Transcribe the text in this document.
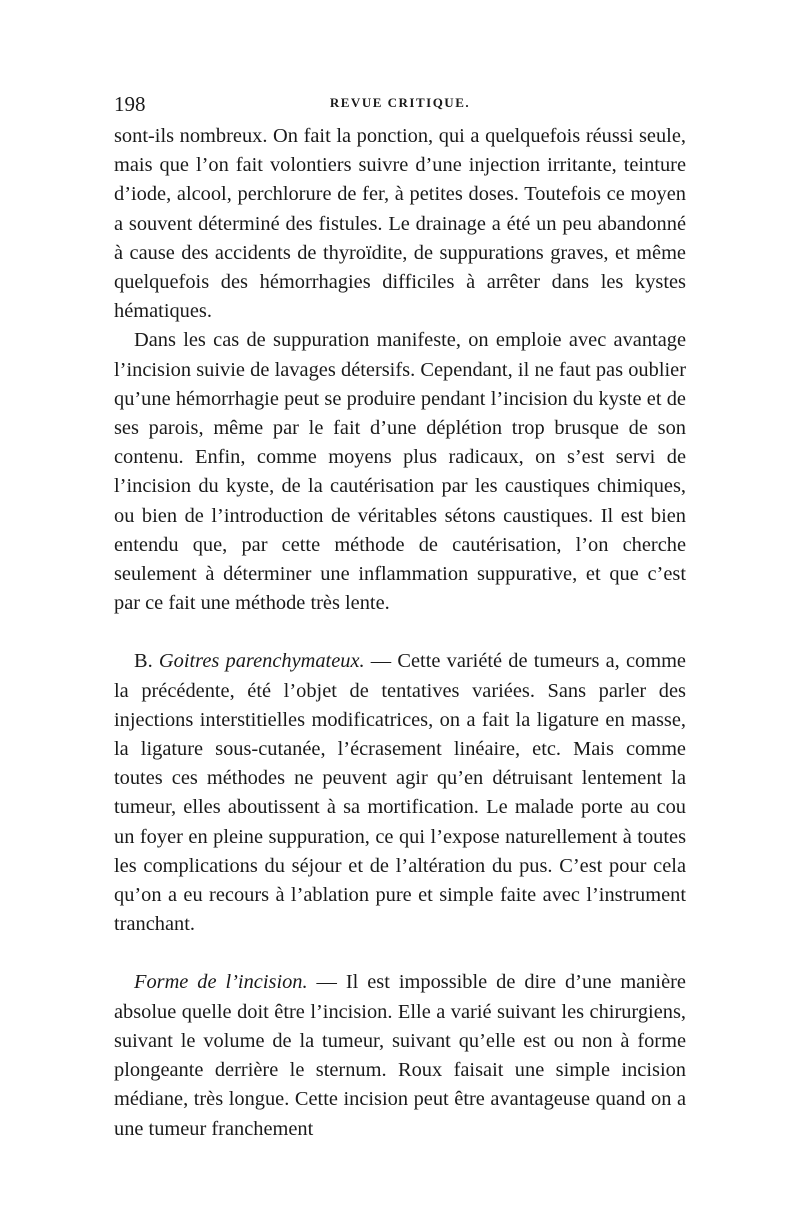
198	REVUE CRITIQUE.

sont-ils nombreux. On fait la ponction, qui a quelquefois réussi seule, mais que l’on fait volontiers suivre d’une injection irritante, teinture d’iode, alcool, perchlorure de fer, à petites doses. Toutefois ce moyen a souvent déterminé des fistules. Le drainage a été un peu abandonné à cause des accidents de thyroïdite, de suppurations graves, et même quelquefois des hémorrhagies difficiles à arrêter dans les kystes hématiques.

Dans les cas de suppuration manifeste, on emploie avec avantage l’incision suivie de lavages détersifs. Cependant, il ne faut pas oublier qu’une hémorrhagie peut se produire pendant l’incision du kyste et de ses parois, même par le fait d’une déplétion trop brusque de son contenu. Enfin, comme moyens plus radicaux, on s’est servi de l’incision du kyste, de la cautérisation par les caustiques chimiques, ou bien de l’introduction de véritables sétons caustiques. Il est bien entendu que, par cette méthode de cautérisation, l’on cherche seulement à déterminer une inflammation suppurative, et que c’est par ce fait une méthode très lente.

B. Goitres parenchymateux. — Cette variété de tumeurs a, comme la précédente, été l’objet de tentatives variées. Sans parler des injections interstitielles modificatrices, on a fait la ligature en masse, la ligature sous-cutanée, l’écrasement linéaire, etc. Mais comme toutes ces méthodes ne peuvent agir qu’en détruisant lentement la tumeur, elles aboutissent à sa mortification. Le malade porte au cou un foyer en pleine suppuration, ce qui l’expose naturellement à toutes les complications du séjour et de l’altération du pus. C’est pour cela qu’on a eu recours à l’ablation pure et simple faite avec l’instrument tranchant.

Forme de l’incision. — Il est impossible de dire d’une manière absolue quelle doit être l’incision. Elle a varié suivant les chirurgiens, suivant le volume de la tumeur, suivant qu’elle est ou non à forme plongeante derrière le sternum. Roux faisait une simple incision médiane, très longue. Cette incision peut être avantageuse quand on a une tumeur franchement
